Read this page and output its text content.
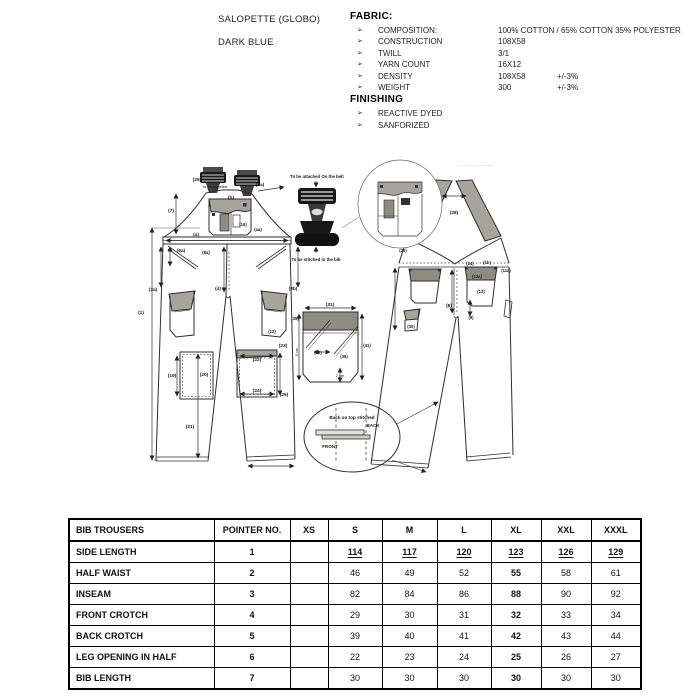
SALOPETTE (GLOBO)
DARK BLUE
FABRIC:
➢ COMPOSITION:	100% COTTON / 65% COTTON 35% POLYESTER
➢ CONSTRUCTION	108X58
➢ TWILL	3/1
➢ YARN COUNT	16X12
➢ DENSITY	108X58	+/-3%
➢ WEIGHT	300	+/-3%
FINISHING
➢ REACTIVE DYED
➢ SANFORIZED
(25)
to be adjusted	(2a)
(b)
(7)
(16)
(aa)
(a)
(6a)	(8a)
(3a)
(1)
(4)	(3b)
(12)
(19)	(20)
(22)
(23)
(24)
(25)
(21)
·· ········ ·· ···········
(28)
(26)
(14) (1b)
(11a)
(12a)
(13)
(8)
(30)
(9)
To be attached On the belt
To be stitched in the bib
(31)
(41)
(36)
(39)
2 cm
5 cm
(35)
Back on top stitched
BACK
FRONT
BIB TROUSERS	POINTER NO.	XS	S	M	L	XL	XXL	XXXL
SIDE LENGTH	1		114	117	120	123	126	129
HALF WAIST	2		46	49	52	55	58	61
INSEAM	3		82	84	86	88	90	92
FRONT CROTCH	4		29	30	31	32	33	34
BACK CROTCH	5		39	40	41	42	43	44
LEG OPENING IN HALF	6		22	23	24	25	26	27
BIB LENGTH	7		30	30	30	30	30	30
